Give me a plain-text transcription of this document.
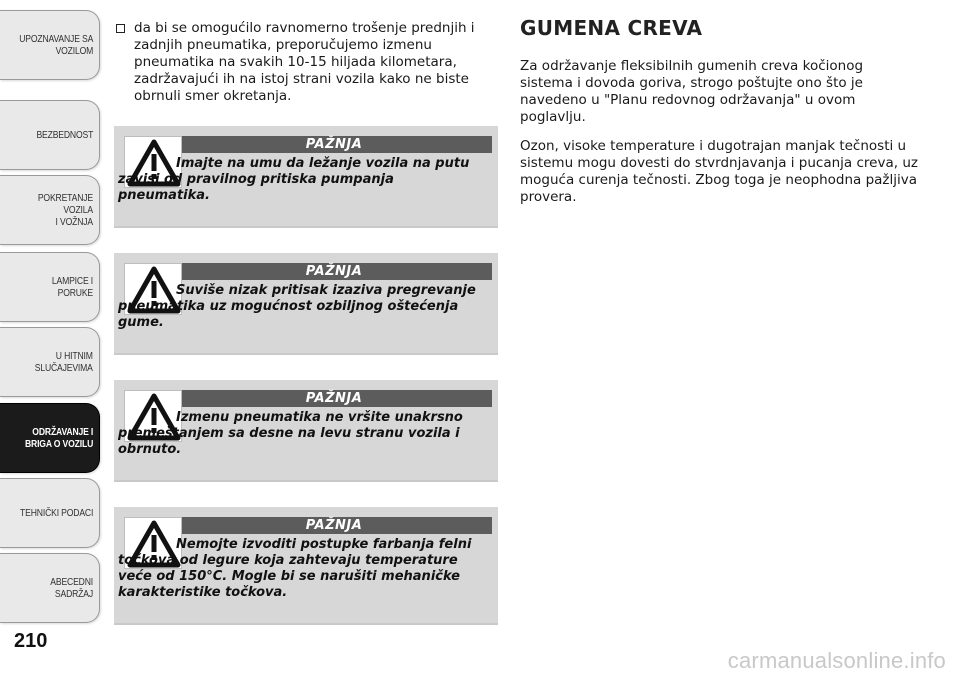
UPOZNAVANJE SA
VOZILOM
BEZBEDNOST
POKRETANJE VOZILA
I VOŽNJA
LAMPICE I PORUKE
U HITNIM
SLUČAJEVIMA
ODRŽAVANJE I
BRIGA O VOZILU
TEHNIČKI PODACI
ABECEDNI SADRŽAJ
210
da bi se omogućilo ravnomerno trošenje prednjih i zadnjih pneumatika, preporučujemo izmenu pneumatika na svakih 10-15 hiljada kilometara, zadržavajući ih na istoj strani vozila kako ne biste obrnuli smer okretanja.
PAŽNJA
Imajte na umu da ležanje vozila na putu zavisi od pravilnog pritiska pumpanja pneumatika.
PAŽNJA
Suviše nizak pritisak izaziva pregrevanje pneumatika uz mogućnost ozbiljnog oštećenja gume.
PAŽNJA
Izmenu pneumatika ne vršite unakrsno premeštanjem sa desne na levu stranu vozila i obrnuto.
PAŽNJA
Nemojte izvoditi postupke farbanja felni točkova od legure koja zahtevaju temperature veće od 150°C. Mogle bi se narušiti mehaničke karakteristike točkova.
GUMENA CREVA

Za održavanje fleksibilnih gumenih creva kočionog sistema i dovoda goriva, strogo poštujte ono što je navedeno u "Planu redovnog održavanja" u ovom poglavlju.

Ozon, visoke temperature i dugotrajan manjak tečnosti u sistemu mogu dovesti do stvrdnjavanja i pucanja creva, uz moguća curenja tečnosti. Zbog toga je neophodna pažljiva provera.

carmanualsonline.info
